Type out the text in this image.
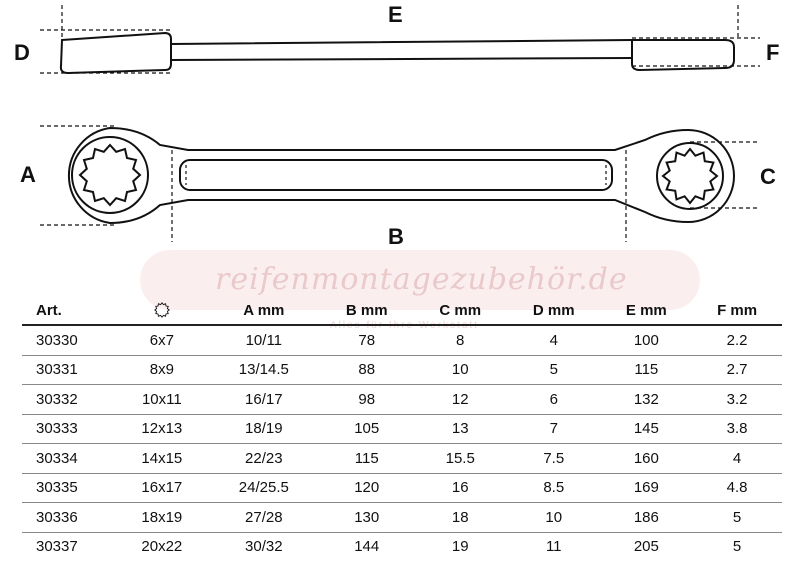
E
D	F
A	C
B
reifenmontagezubehör.de
Alles für Ihre Werkstatt
Art.		A mm	B mm	C mm	D mm	E mm	F mm
30330	6x7	10/11	78	8	4	100	2.2
30331	8x9	13/14.5	88	10	5	115	2.7
30332	10x11	16/17	98	12	6	132	3.2
30333	12x13	18/19	105	13	7	145	3.8
30334	14x15	22/23	115	15.5	7.5	160	4
30335	16x17	24/25.5	120	16	8.5	169	4.8
30336	18x19	27/28	130	18	10	186	5
30337	20x22	30/32	144	19	11	205	5
